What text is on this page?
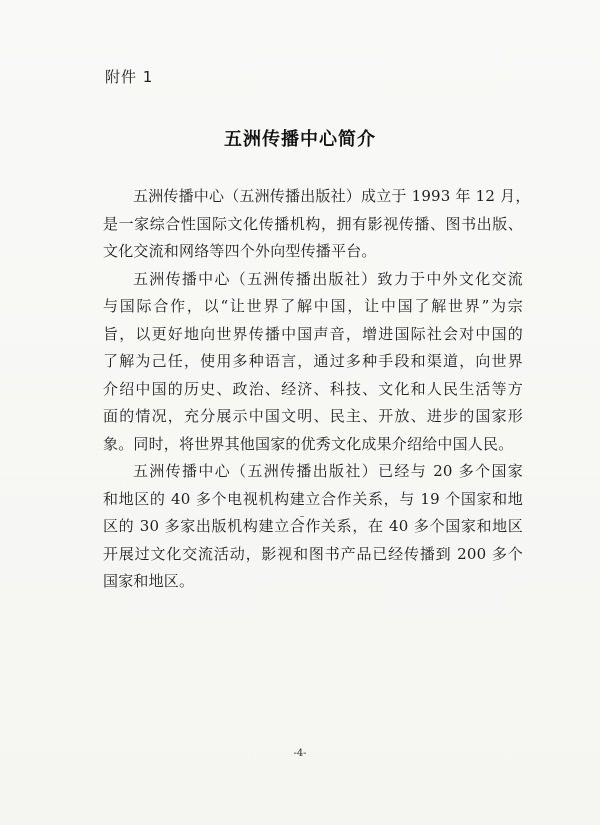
附件 1
五洲传播中心简介
五洲传播中心（五洲传播出版社）成立于 1993 年 12 月，
是一家综合性国际文化传播机构，拥有影视传播、图书出版、
文化交流和网络等四个外向型传播平台。
五洲传播中心（五洲传播出版社）致力于中外文化交流
与国际合作，以“让世界了解中国，让中国了解世界”为宗
旨，以更好地向世界传播中国声音，增进国际社会对中国的
了解为己任，使用多种语言，通过多种手段和渠道，向世界
介绍中国的历史、政治、经济、科技、文化和人民生活等方
面的情况，充分展示中国文明、民主、开放、进步的国家形
象。同时，将世界其他国家的优秀文化成果介绍给中国人民。
五洲传播中心（五洲传播出版社）已经与 20 多个国家
和地区的 40 多个电视机构建立合作关系，与 19 个国家和地
区的 30 多家出版机构建立合作关系，在 40 多个国家和地区
开展过文化交流活动，影视和图书产品已经传播到 200 多个
国家和地区。
-4-
